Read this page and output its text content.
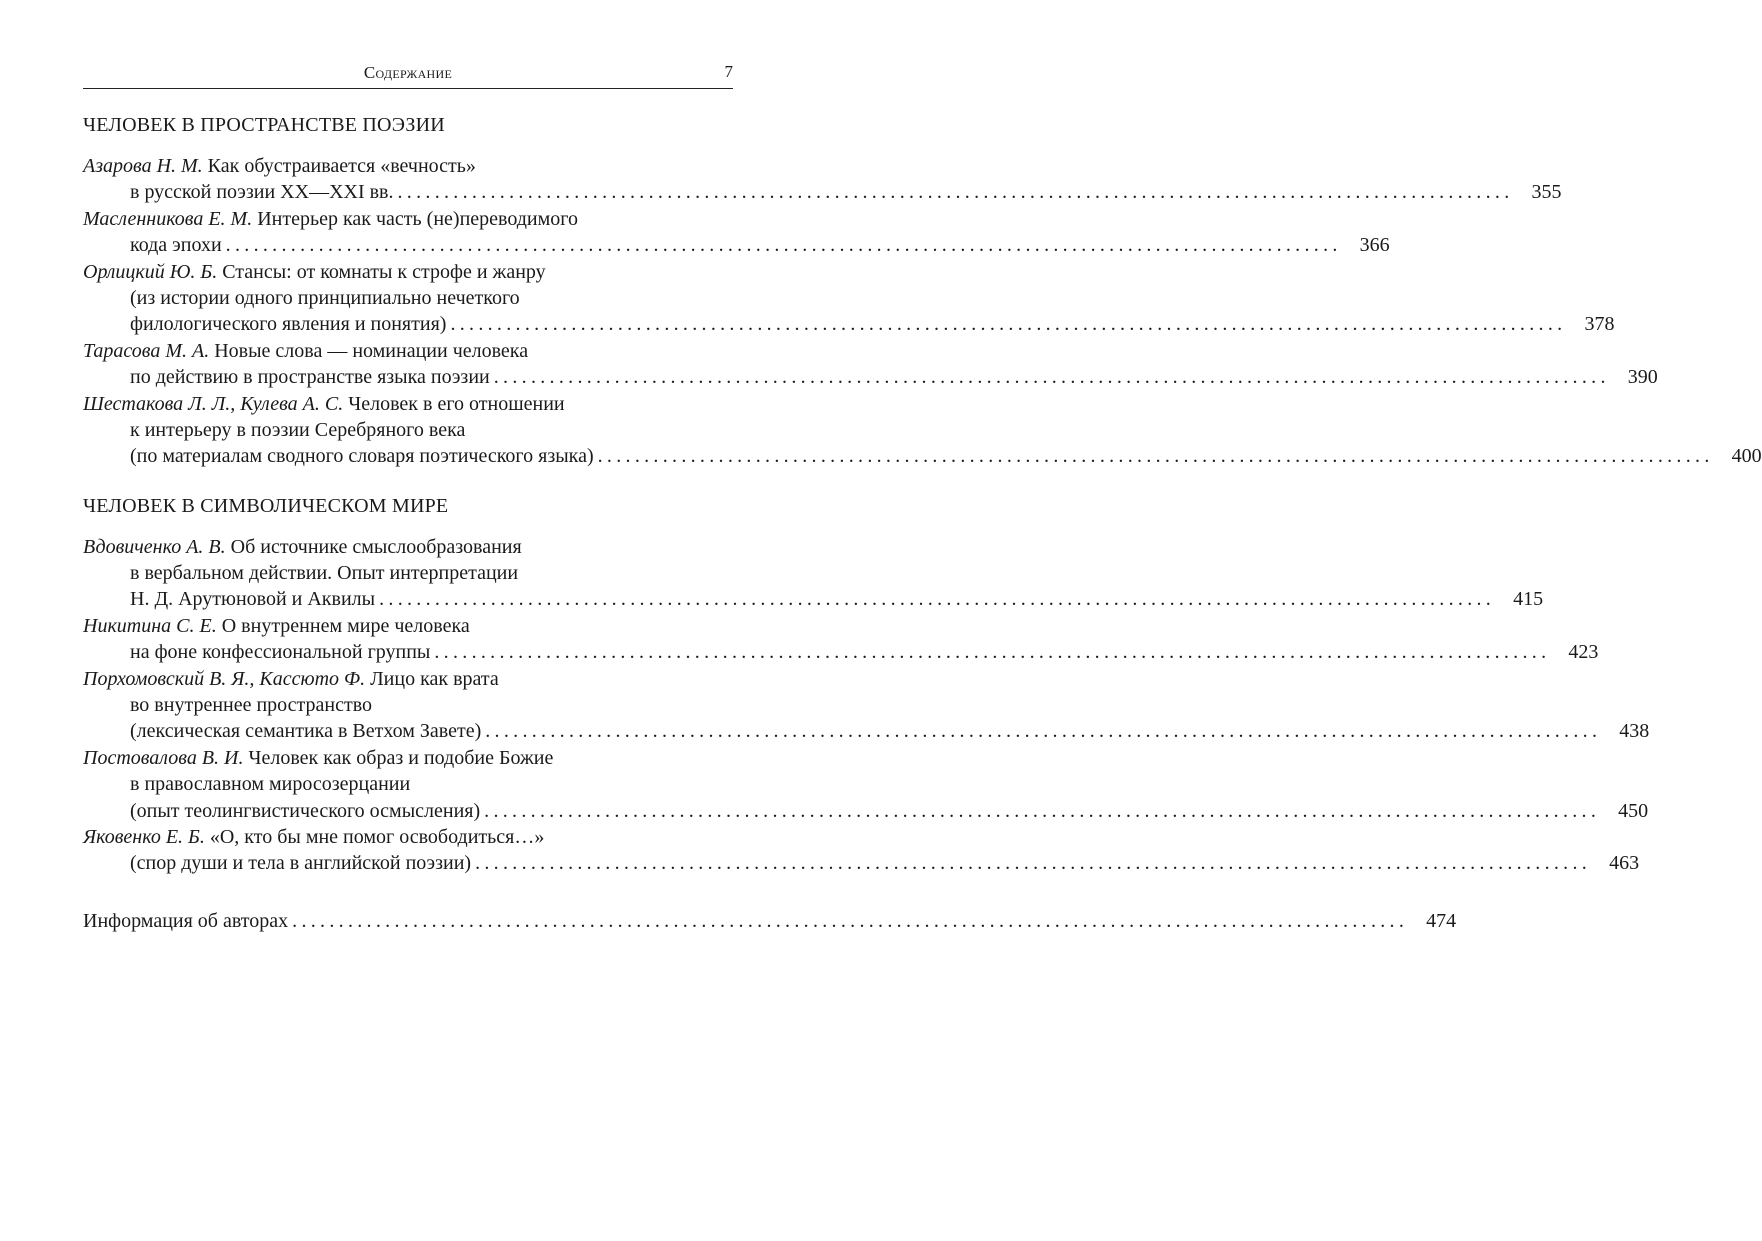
Содержание	7
ЧЕЛОВЕК В ПРОСТРАНСТВЕ ПОЭЗИИ
Азарова Н. М. Как обустраивается «вечность»
в русской поэзии XX—XXI вв. ........................................................................................................................ 355
Масленникова Е. М. Интерьер как часть (не)переводимого
кода эпохи ........................................................................................................................ 366
Орлицкий Ю. Б. Стансы: от комнаты к строфе и жанру
(из истории одного принципиально нечеткого
филологического явления и понятия) ........................................................................................................................ 378
Тарасова М. А. Новые слова — номинации человека
по действию в пространстве языка поэзии ........................................................................................................................ 390
Шестакова Л. Л., Кулева А. С. Человек в его отношении
к интерьеру в поэзии Серебряного века
(по материалам сводного словаря поэтического языка) ........................................................................................................................ 400
ЧЕЛОВЕК В СИМВОЛИЧЕСКОМ МИРЕ
Вдовиченко А. В. Об источнике смыслообразования
в вербальном действии. Опыт интерпретации
Н. Д. Арутюновой и Аквилы ........................................................................................................................ 415
Никитина С. Е. О внутреннем мире человека
на фоне конфессиональной группы ........................................................................................................................ 423
Порхомовский В. Я., Кассюто Ф. Лицо как врата
во внутреннее пространство
(лексическая семантика в Ветхом Завете) ........................................................................................................................ 438
Постовалова В. И. Человек как образ и подобие Божие
в православном миросозерцании
(опыт теолингвистического осмысления) ........................................................................................................................ 450
Яковенко Е. Б. «О, кто бы мне помог освободиться…»
(спор души и тела в английской поэзии) ........................................................................................................................ 463
Информация об авторах ........................................................................................................................ 474
